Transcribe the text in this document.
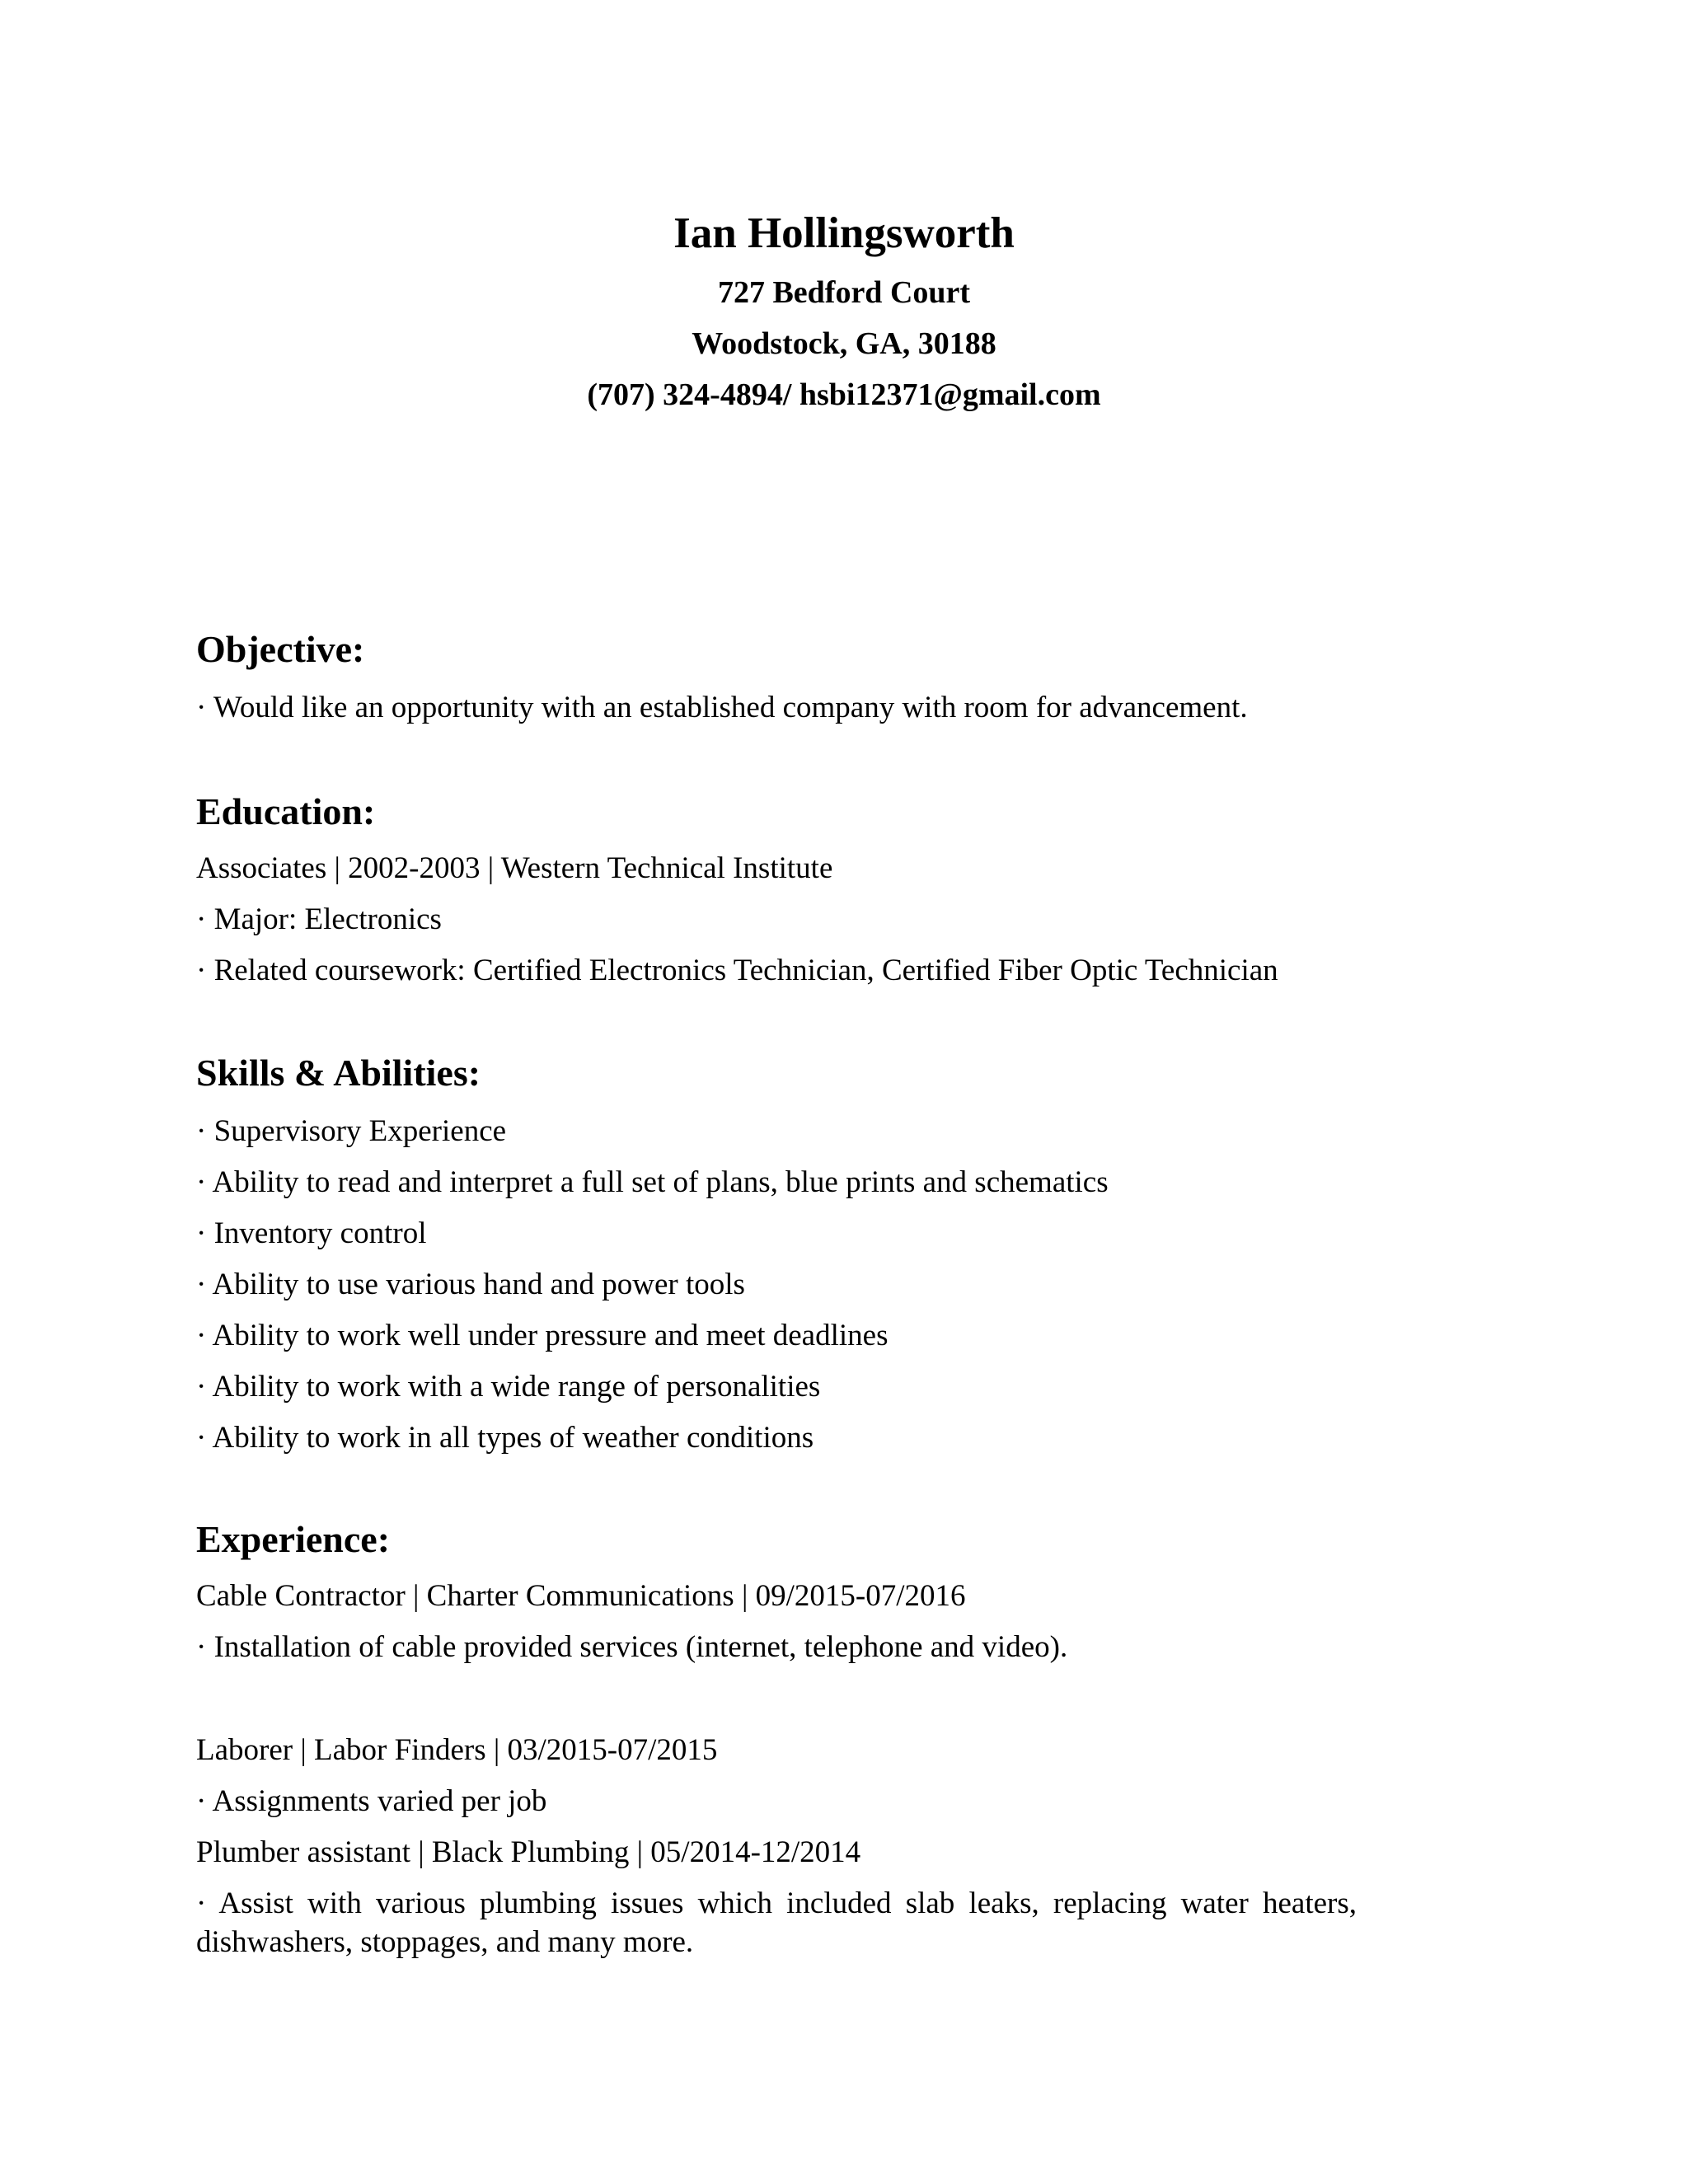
Ian Hollingsworth
727 Bedford Court
Woodstock, GA, 30188
(707) 324-4894/ hsbi12371@gmail.com
Objective:
· Would like an opportunity with an established company with room for advancement.
Education:
Associates | 2002-2003 | Western Technical Institute
· Major: Electronics
· Related coursework: Certified Electronics Technician, Certified Fiber Optic Technician
Skills & Abilities:
· Supervisory Experience
· Ability to read and interpret a full set of plans, blue prints and schematics
· Inventory control
· Ability to use various hand and power tools
· Ability to work well under pressure and meet deadlines
· Ability to work with a wide range of personalities
· Ability to work in all types of weather conditions
Experience:
Cable Contractor | Charter Communications | 09/2015-07/2016
· Installation of cable provided services (internet, telephone and video).
Laborer | Labor Finders | 03/2015-07/2015
· Assignments varied per job
Plumber assistant | Black Plumbing | 05/2014-12/2014
· Assist with various plumbing issues which included slab leaks, replacing water heaters, dishwashers, stoppages, and many more.
